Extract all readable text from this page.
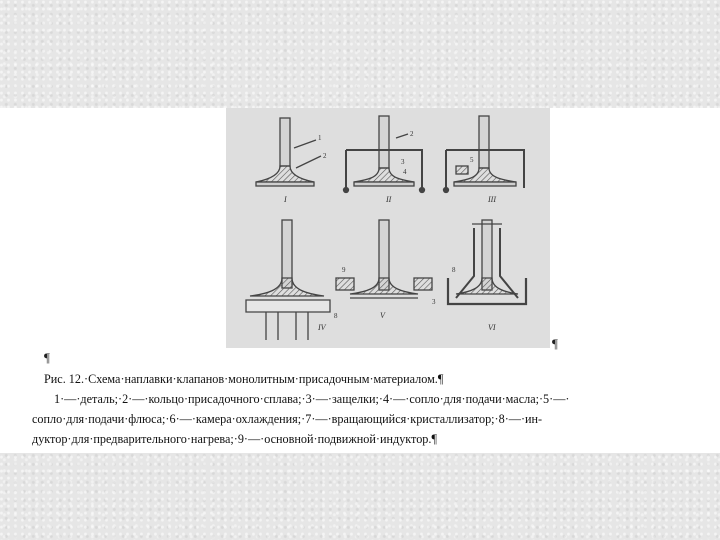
I
1
2
II
2
3
4
III
5
IV
V
9
3
VI
8
8
¶
¶
Рис. 12.·Схема·наплавки·клапанов·монолитным·присадочным·материалом.¶
1·—·деталь;·2·—·кольцо·присадочного·сплава;·3·—·защелки;·4·—·сопло·для·подачи·масла;·5·—·
сопло·для·подачи·флюса;·6·—·камера·охлаждения;·7·—·вращающийся·кристаллизатор;·8·—·ин-
дуктор·для·предварительного·нагрева;·9·—·основной·подвижной·индуктор.¶
